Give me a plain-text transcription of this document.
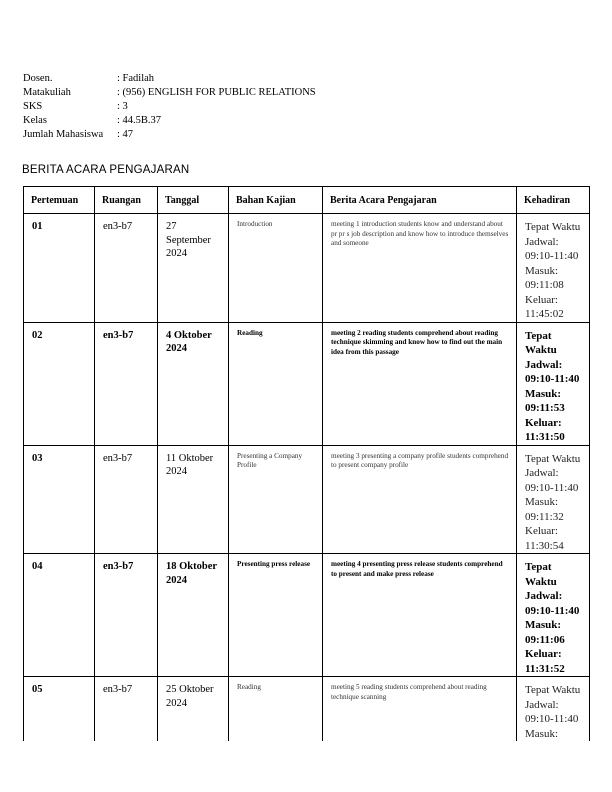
Dosen.	: Fadilah
Matakuliah	: (956) ENGLISH FOR PUBLIC RELATIONS
SKS	: 3
Kelas	: 44.5B.37
Jumlah Mahasiswa	: 47
BERITA ACARA PENGAJARAN
Pertemuan	Ruangan	Tanggal	Bahan Kajian	Berita Acara Pengajaran	Kehadiran
01	en3-b7	27 September 2024	Introduction	meeting 1 introduction students know and understand about pr pr s job description and know how to introduce themselves and someone	Tepat Waktu
Jadwal: 09:10-11:40
Masuk: 09:11:08
Keluar: 11:45:02

02	en3-b7	4 Oktober 2024	Reading	meeting 2 reading students comprehend about reading technique skimming and know how to find out the main idea from this passage	Tepat Waktu
Jadwal: 09:10-11:40
Masuk: 09:11:53
Keluar: 11:31:50

03	en3-b7	11 Oktober 2024	Presenting a Company Profile	meeting 3 presenting a company profile students comprehend to present company profile	Tepat Waktu
Jadwal: 09:10-11:40
Masuk: 09:11:32
Keluar: 11:30:54

04	en3-b7	18 Oktober 2024	Presenting press release	meeting 4 presenting press release students comprehend to present and make press release	Tepat Waktu
Jadwal: 09:10-11:40
Masuk: 09:11:06
Keluar: 11:31:52

05	en3-b7	25 Oktober 2024	Reading	meeting 5 reading students comprehend about reading technique scanning	Tepat Waktu
Jadwal: 09:10-11:40
Masuk:
